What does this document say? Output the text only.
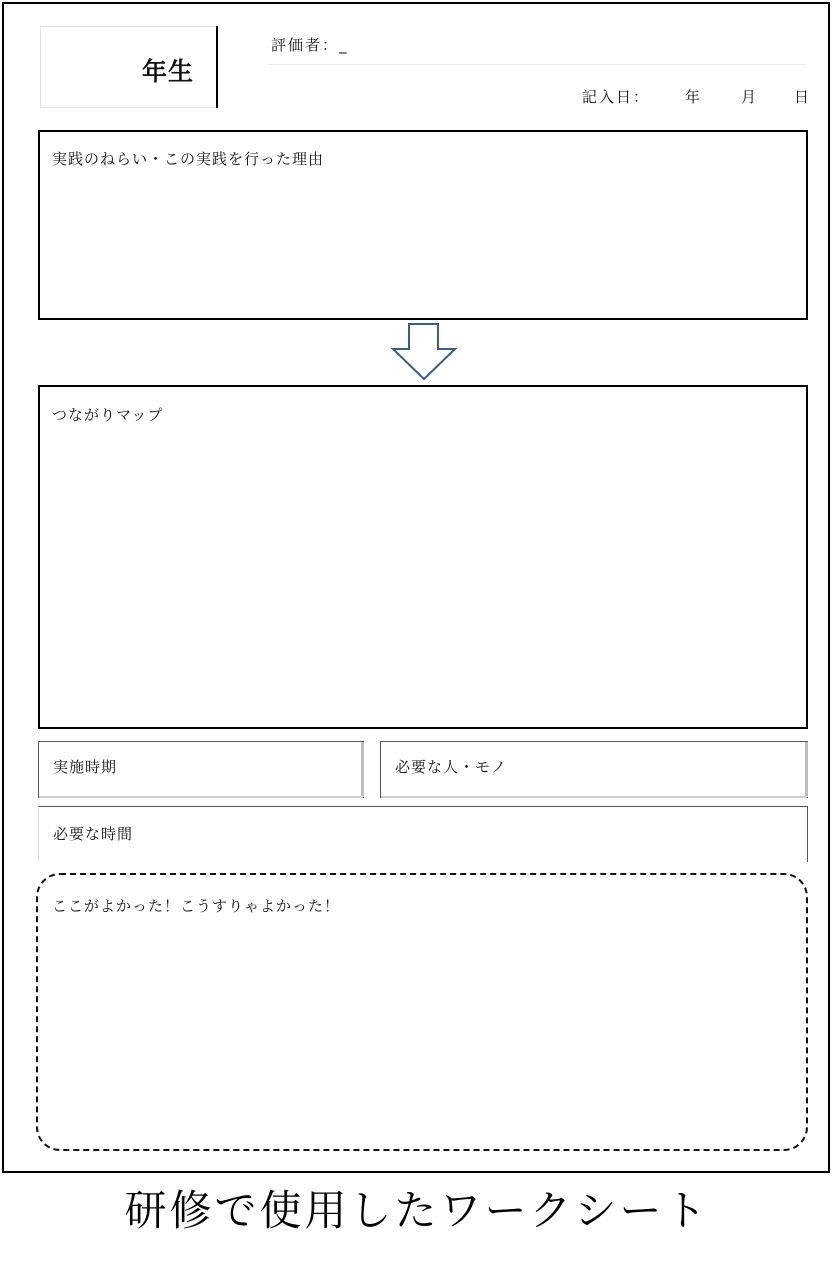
年生
評価者：_
記入日： 年	月	日
実践のねらい・この実践を行った理由
つながりマップ
実施時期	必要な人・モノ
必要な時間
ここがよかった！こうすりゃよかった！
研修で使用したワークシート
